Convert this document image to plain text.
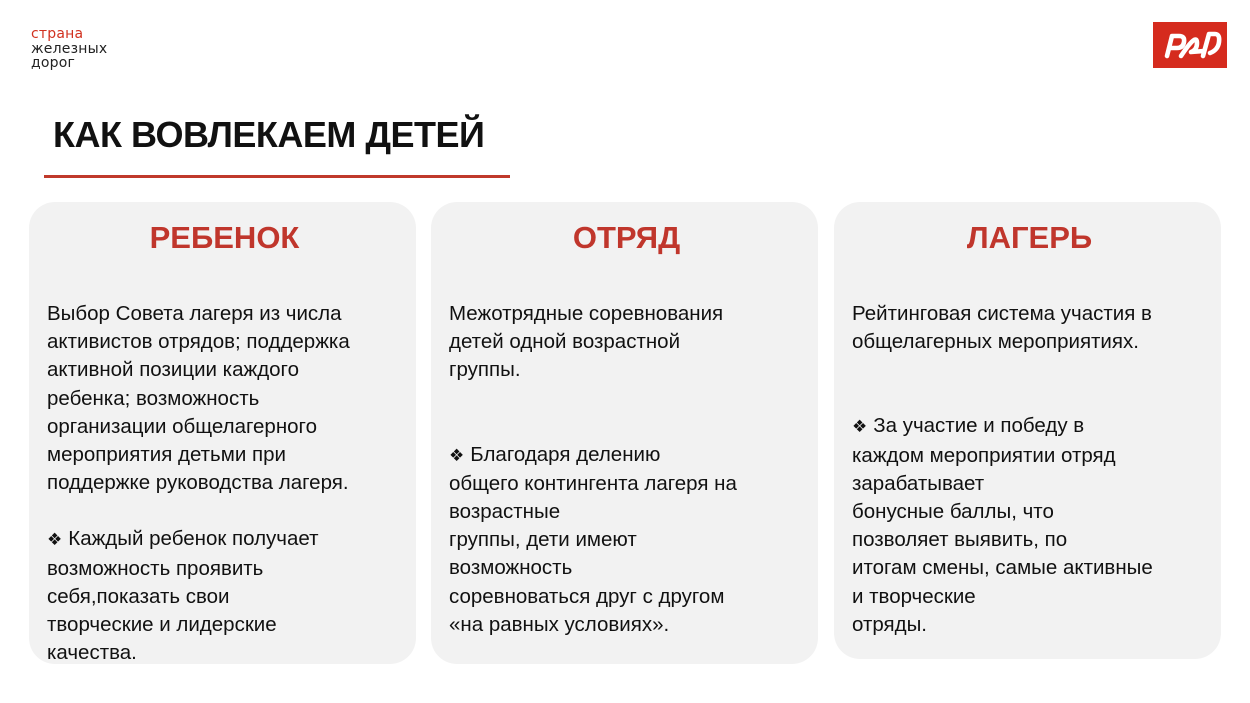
страна
железных
дорог
КАК ВОВЛЕКАЕМ ДЕТЕЙ
РЕБЕНОК

Выбор Совета лагеря из числа
активистов отрядов; поддержка
активной позиции каждого
ребенка; возможность
организации общелагерного
мероприятия детьми при
поддержке руководства лагеря.

❖ Каждый ребенок получает
возможность проявить
себя,показать свои
творческие и лидерские
качества.

ОТРЯД

Межотрядные соревнования
детей одной возрастной
группы.

❖ Благодаря делению
общего контингента лагеря на
возрастные
группы, дети имеют
возможность
соревноваться друг с другом
«на равных условиях».

ЛАГЕРЬ

Рейтинговая система участия в
общелагерных мероприятиях.

❖ За участие и победу в
каждом мероприятии отряд
зарабатывает
бонусные баллы, что
позволяет выявить, по
итогам смены, самые активные
и творческие
отряды.
